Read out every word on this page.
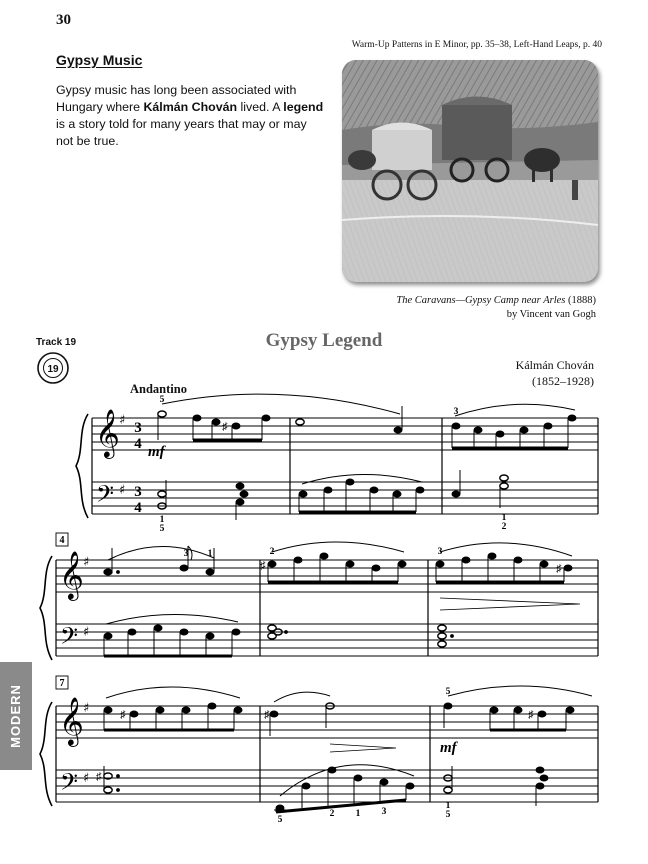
30
Warm-Up Patterns in E Minor, pp. 35–38, Left-Hand Leaps, p. 40
Gypsy Music
Gypsy music has long been associated with Hungary where Kálmán Chován lived. A legend is a story told for many years that may or may not be true.
The Caravans—Gypsy Camp near Arles (1888)
by Vincent van Gogh
Track 19
19
Gypsy Legend
Kálmán Chován
(1852–1928)
Andantino
MODERN
𝄞
𝄢
♯
♯
𝄞
𝄢
♯
♯
𝄞
𝄢
♯
♯
3
4
3
4
mf
mf
4
7
♯
♯	♯
♯	♯	♯
♯
5
3
1
5
1
2
3 1	2	3
5
5
2 1 3
1
5
